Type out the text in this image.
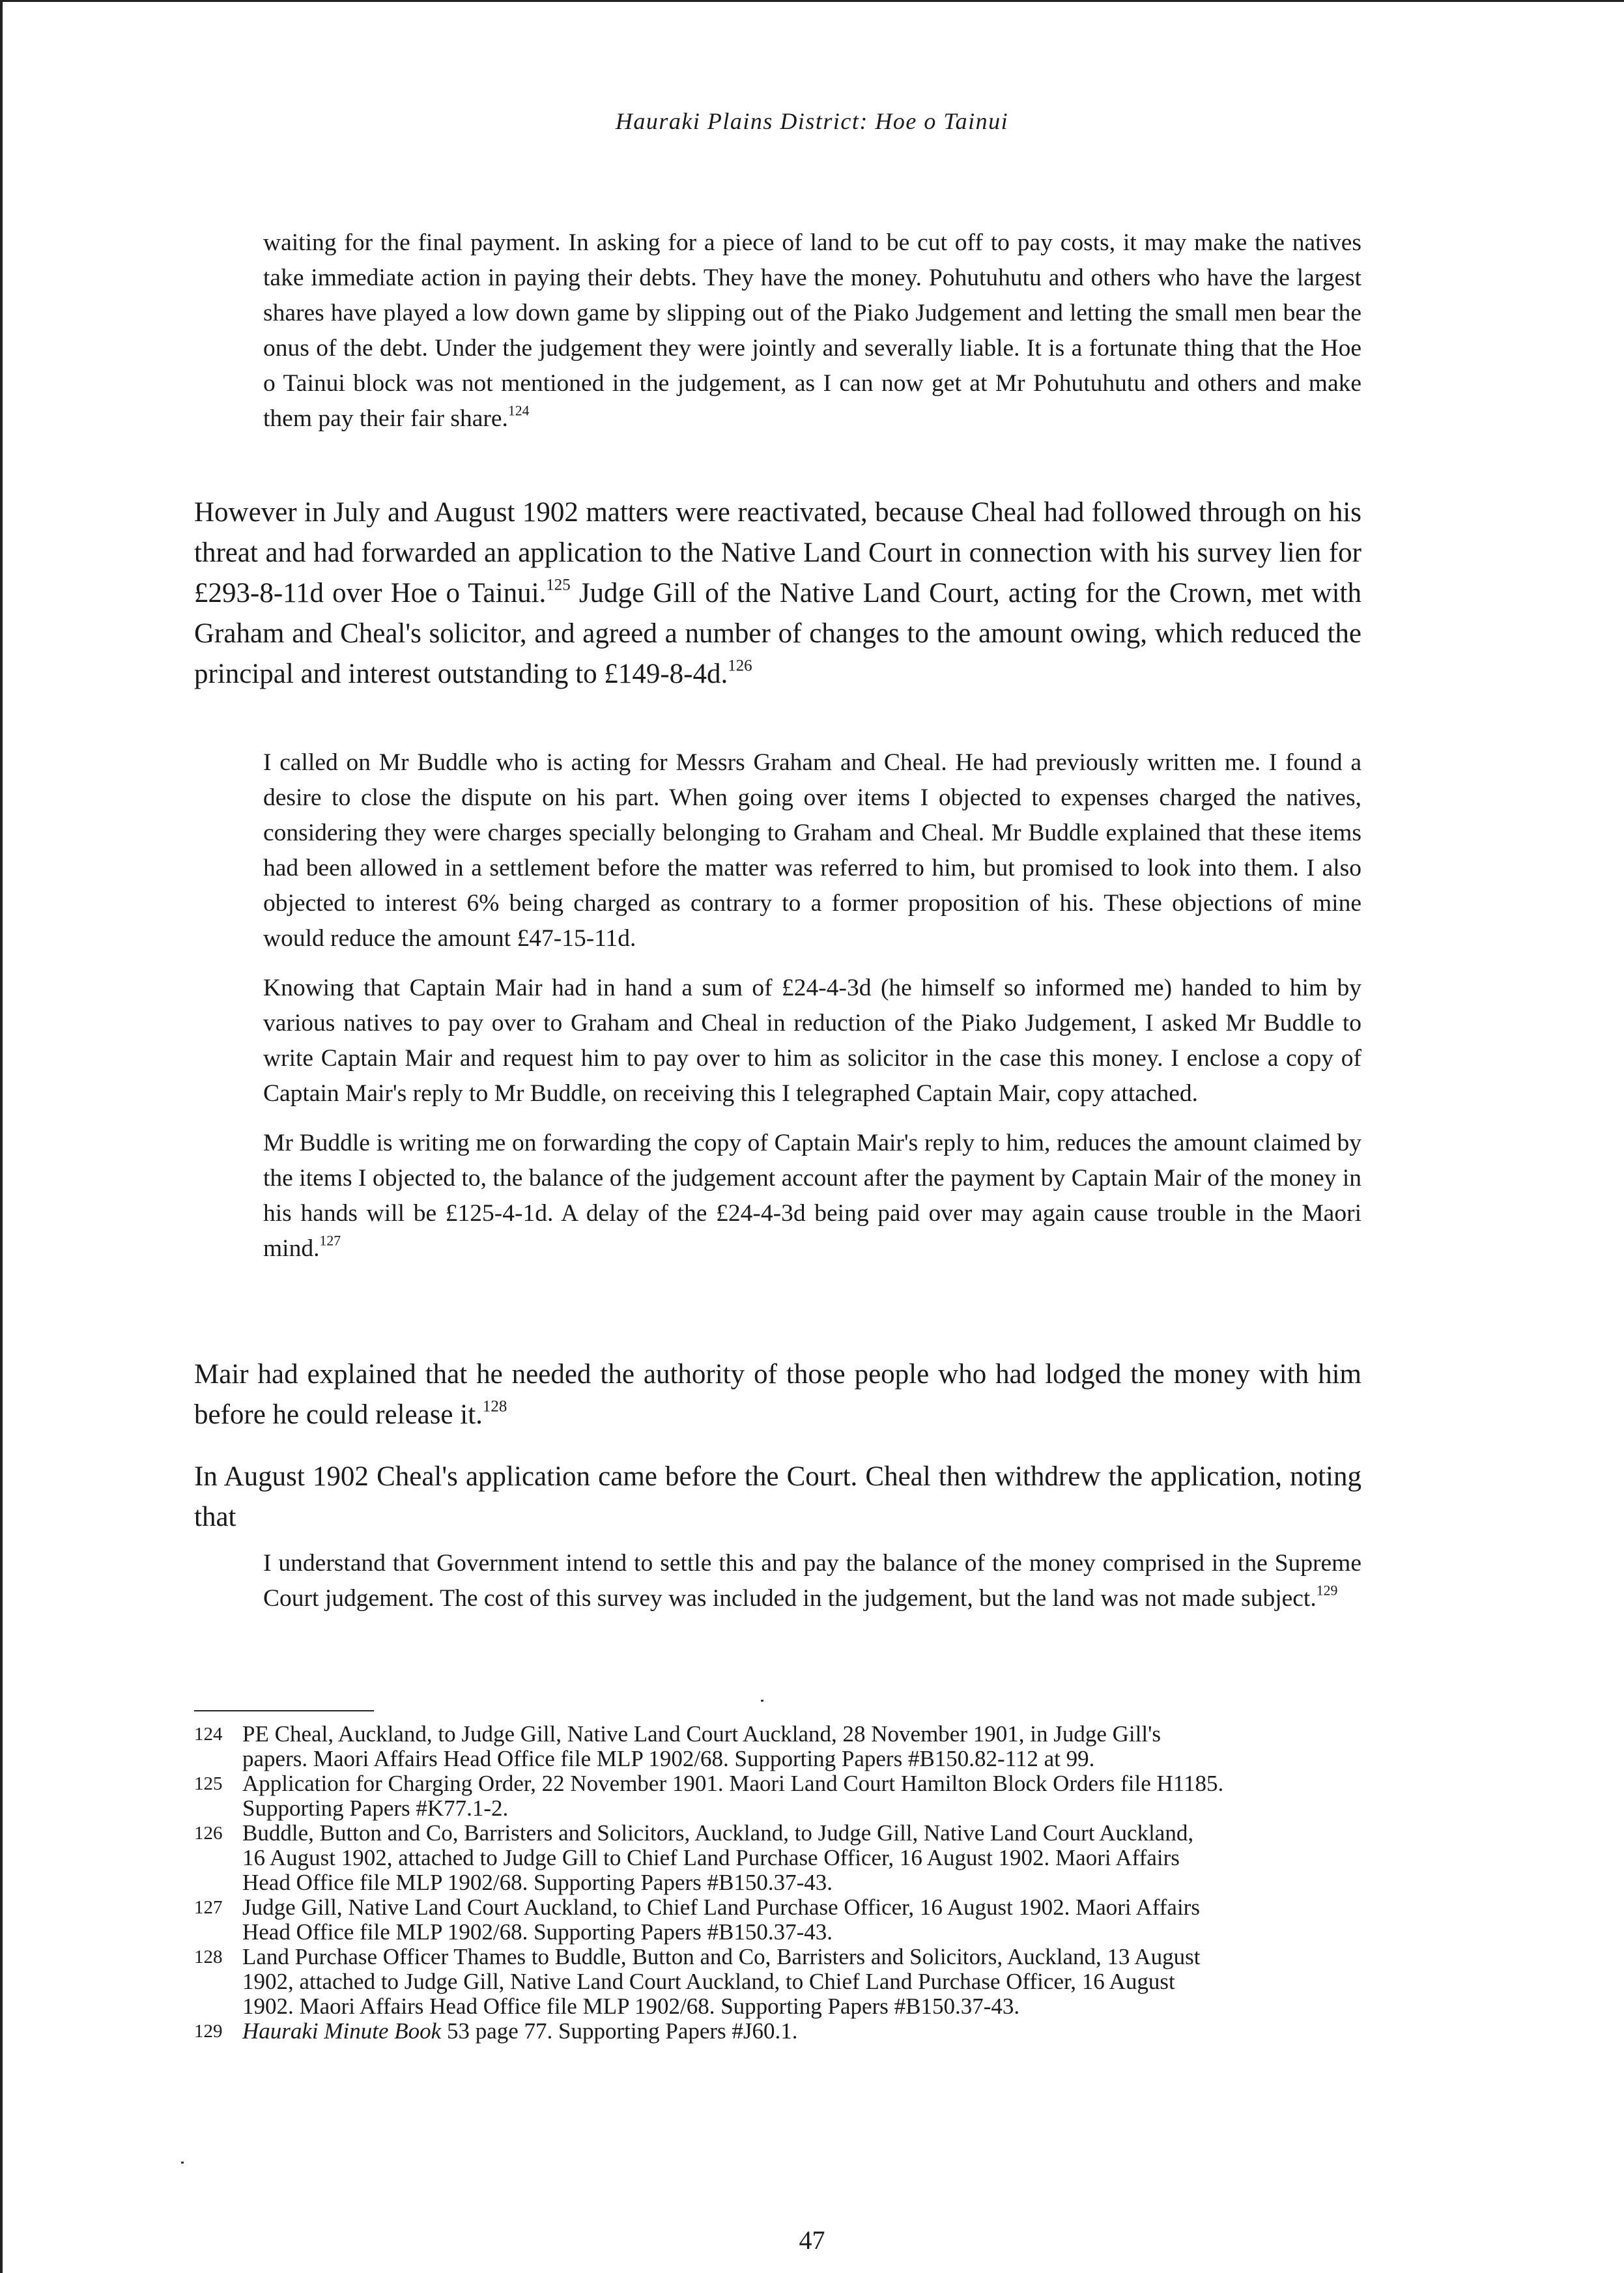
Hauraki Plains District: Hoe o Tainui

waiting for the final payment. In asking for a piece of land to be cut off to pay costs, it may make the natives take immediate action in paying their debts. They have the money. Pohutuhutu and others who have the largest shares have played a low down game by slipping out of the Piako Judgement and letting the small men bear the onus of the debt. Under the judgement they were jointly and severally liable. It is a fortunate thing that the Hoe o Tainui block was not mentioned in the judgement, as I can now get at Mr Pohutuhutu and others and make them pay their fair share.$^{124}$

However in July and August 1902 matters were reactivated, because Cheal had followed through on his threat and had forwarded an application to the Native Land Court in connection with his survey lien for £293-8-11d over Hoe o Tainui.$^{125}$ Judge Gill of the Native Land Court, acting for the Crown, met with Graham and Cheal's solicitor, and agreed a number of changes to the amount owing, which reduced the principal and interest outstanding to £149-8-4d.$^{126}$

I called on Mr Buddle who is acting for Messrs Graham and Cheal. He had previously written me. I found a desire to close the dispute on his part. When going over items I objected to expenses charged the natives, considering they were charges specially belonging to Graham and Cheal. Mr Buddle explained that these items had been allowed in a settlement before the matter was referred to him, but promised to look into them. I also objected to interest 6% being charged as contrary to a former proposition of his. These objections of mine would reduce the amount £47-15-11d.

Knowing that Captain Mair had in hand a sum of £24-4-3d (he himself so informed me) handed to him by various natives to pay over to Graham and Cheal in reduction of the Piako Judgement, I asked Mr Buddle to write Captain Mair and request him to pay over to him as solicitor in the case this money. I enclose a copy of Captain Mair's reply to Mr Buddle, on receiving this I telegraphed Captain Mair, copy attached.

Mr Buddle is writing me on forwarding the copy of Captain Mair's reply to him, reduces the amount claimed by the items I objected to, the balance of the judgement account after the payment by Captain Mair of the money in his hands will be £125-4-1d. A delay of the £24-4-3d being paid over may again cause trouble in the Maori mind.$^{127}$

Mair had explained that he needed the authority of those people who had lodged the money with him before he could release it.$^{128}$
In August 1902 Cheal's application came before the Court. Cheal then withdrew the application, noting that

I understand that Government intend to settle this and pay the balance of the money comprised in the Supreme Court judgement. The cost of this survey was included in the judgement, but the land was not made subject.$^{129}$

124 PE Cheal, Auckland, to Judge Gill, Native Land Court Auckland, 28 November 1901, in Judge Gill's
papers. Maori Affairs Head Office file MLP 1902/68. Supporting Papers #B150.82-112 at 99.
125 Application for Charging Order, 22 November 1901. Maori Land Court Hamilton Block Orders file H1185.
Supporting Papers #K77.1-2.
126 Buddle, Button and Co, Barristers and Solicitors, Auckland, to Judge Gill, Native Land Court Auckland,
16 August 1902, attached to Judge Gill to Chief Land Purchase Officer, 16 August 1902. Maori Affairs
Head Office file MLP 1902/68. Supporting Papers #B150.37-43.
127 Judge Gill, Native Land Court Auckland, to Chief Land Purchase Officer, 16 August 1902. Maori Affairs
Head Office file MLP 1902/68. Supporting Papers #B150.37-43.
128 Land Purchase Officer Thames to Buddle, Button and Co, Barristers and Solicitors, Auckland, 13 August
1902, attached to Judge Gill, Native Land Court Auckland, to Chief Land Purchase Officer, 16 August
1902. Maori Affairs Head Office file MLP 1902/68. Supporting Papers #B150.37-43.
129 Hauraki Minute Book 53 page 77. Supporting Papers #J60.1.
47
